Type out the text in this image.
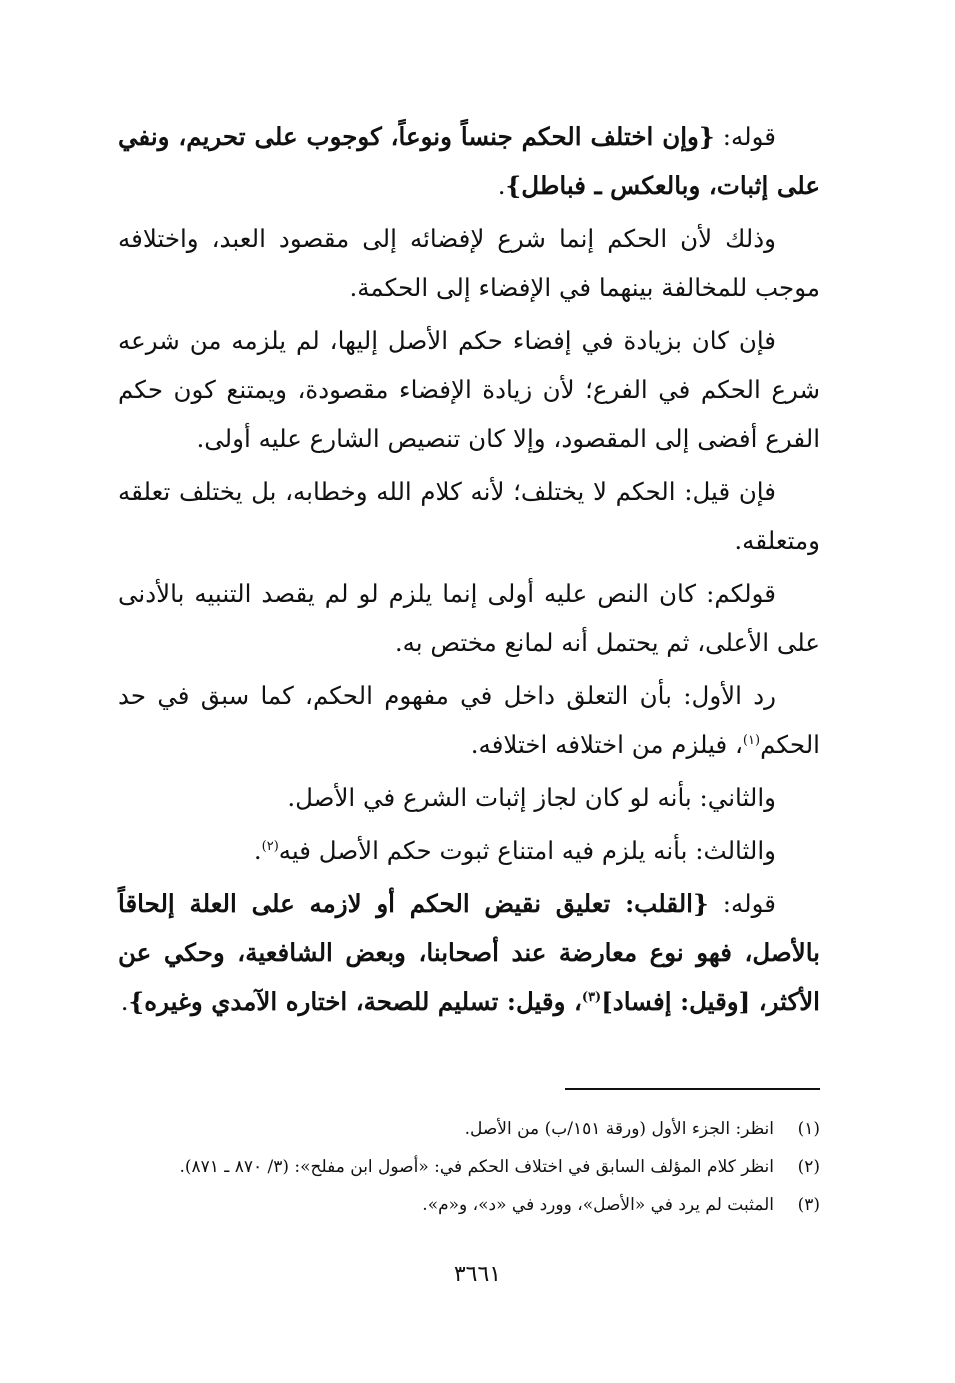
قوله: {وإن اختلف الحكم جنساً ونوعاً، كوجوب على تحريم، ونفي على إثبات، وبالعكس ـ فباطل}.

وذلك لأن الحكم إنما شرع لإفضائه إلى مقصود العبد، واختلافه موجب للمخالفة بينهما في الإفضاء إلى الحكمة.

فإن كان بزيادة في إفضاء حكم الأصل إليها، لم يلزمه من شرعه شرع الحكم في الفرع؛ لأن زيادة الإفضاء مقصودة، ويمتنع كون حكم الفرع أفضى إلى المقصود، وإلا كان تنصيص الشارع عليه أولى.

فإن قيل: الحكم لا يختلف؛ لأنه كلام الله وخطابه، بل يختلف تعلقه ومتعلقه.

قولكم: كان النص عليه أولى إنما يلزم لو لم يقصد التنبيه بالأدنى على الأعلى، ثم يحتمل أنه لمانع مختص به.

رد الأول: بأن التعلق داخل في مفهوم الحكم، كما سبق في حد الحكم$^{(١)}$، فيلزم من اختلافه اختلافه.

والثاني: بأنه لو كان لجاز إثبات الشرع في الأصل.

والثالث: بأنه يلزم فيه امتناع ثبوت حكم الأصل فيه$^{(٢)}$.

قوله: {القلب: تعليق نقيض الحكم أو لازمه على العلة إلحاقاً بالأصل، فهو نوع معارضة عند أصحابنا، وبعض الشافعية، وحكي عن الأكثر، [وقيل: إفساد]$^{(٣)}$، وقيل: تسليم للصحة، اختاره الآمدي وغيره}.

(١)
انظر: الجزء الأول (ورقة ١٥١/ب) من الأصل.
(٢)
انظر كلام المؤلف السابق في اختلاف الحكم في: «أصول ابن مفلح»: (٣/ ٨٧٠ ـ ٨٧١).
(٣)
المثبت لم يرد في «الأصل»، وورد في «د»، و«م».
٣٦٦١
